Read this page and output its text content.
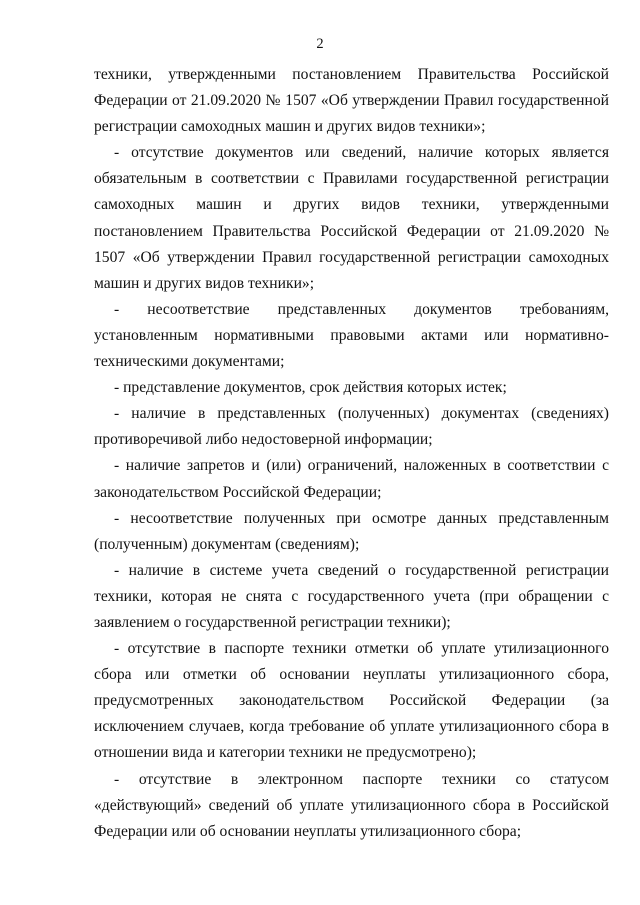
2

техники, утвержденными постановлением Правительства Российской Федерации от 21.09.2020 № 1507 «Об утверждении Правил государственной регистрации самоходных машин и других видов техники»;

- отсутствие документов или сведений, наличие которых является обязательным в соответствии с Правилами государственной регистрации самоходных машин и других видов техники, утвержденными постановлением Правительства Российской Федерации от 21.09.2020 № 1507 «Об утверждении Правил государственной регистрации самоходных машин и других видов техники»;

- несоответствие представленных документов требованиям, установленным нормативными правовыми актами или нормативно-техническими документами;

- представление документов, срок действия которых истек;

- наличие в представленных (полученных) документах (сведениях) противоречивой либо недостоверной информации;

- наличие запретов и (или) ограничений, наложенных в соответствии с законодательством Российской Федерации;

- несоответствие полученных при осмотре данных представленным (полученным) документам (сведениям);

- наличие в системе учета сведений о государственной регистрации техники, которая не снята с государственного учета (при обращении с заявлением о государственной регистрации техники);

- отсутствие в паспорте техники отметки об уплате утилизационного сбора или отметки об основании неуплаты утилизационного сбора, предусмотренных законодательством Российской Федерации (за исключением случаев, когда требование об уплате утилизационного сбора в отношении вида и категории техники не предусмотрено);

- отсутствие в электронном паспорте техники со статусом «действующий» сведений об уплате утилизационного сбора в Российской Федерации или об основании неуплаты утилизационного сбора;
